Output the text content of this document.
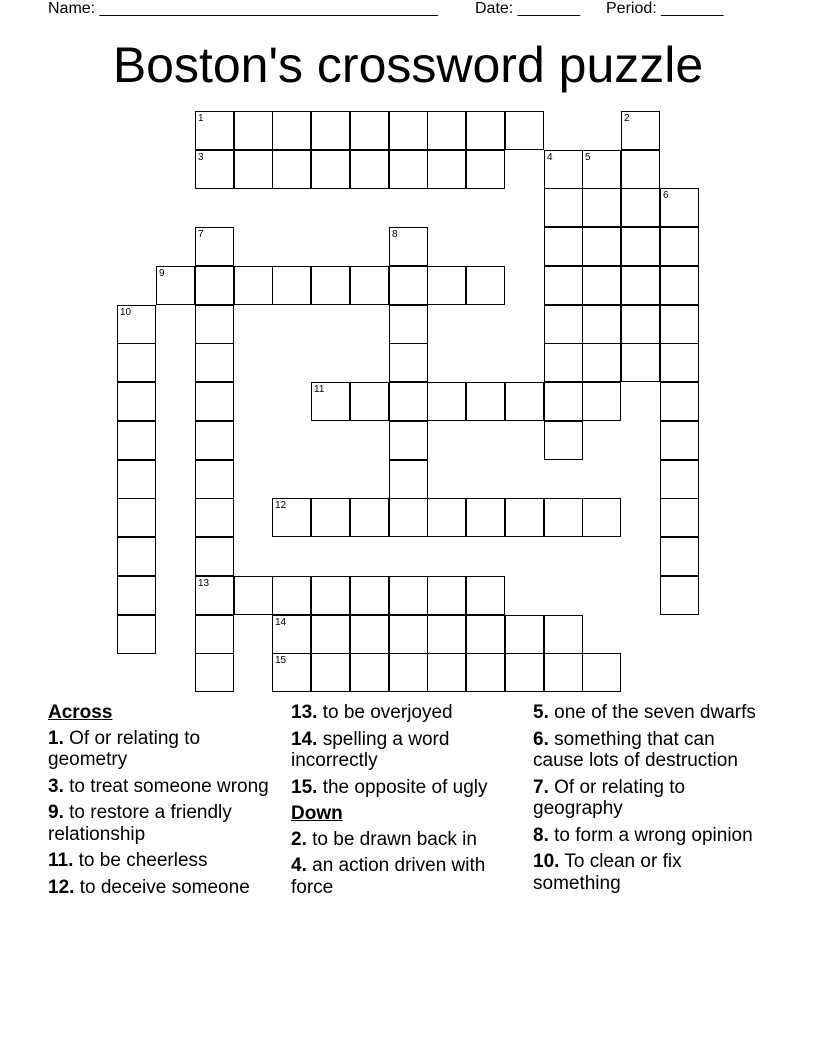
Name: ______________________________________ Date: _______ Period: _______
Boston's crossword puzzle
1	2
3	4	5
6
7	8
9
10
11
12
13
14
15
Across
1. Of or relating to geometry
3. to treat someone wrong
9. to restore a friendly relationship
11. to be cheerless
12. to deceive someone
13. to be overjoyed
14. spelling a word incorrectly
15. the opposite of ugly
Down
2. to be drawn back in
4. an action driven with force
5. one of the seven dwarfs
6. something that can cause lots of destruction
7. Of or relating to geography
8. to form a wrong opinion
10. To clean or fix something
